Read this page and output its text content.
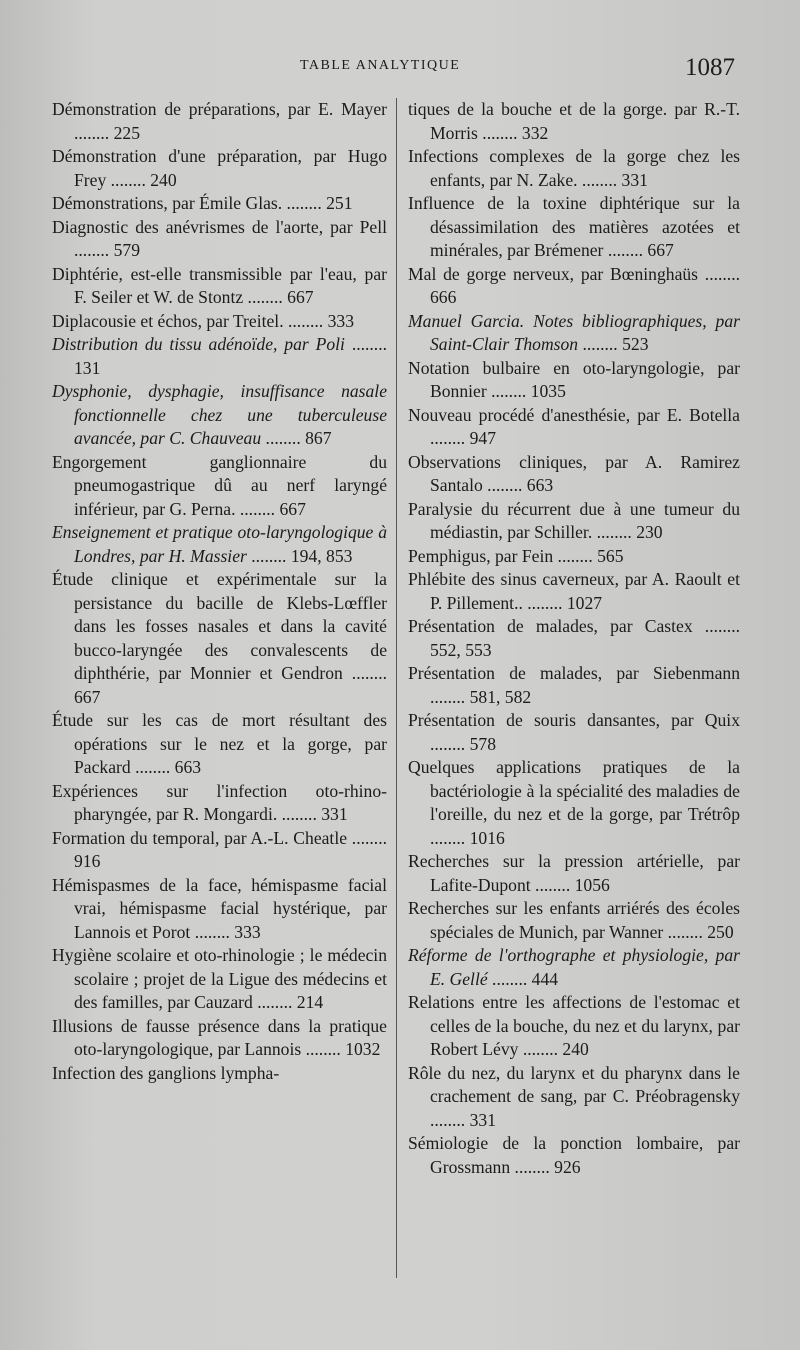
TABLE ANALYTIQUE	1087

Démonstration de préparations, par E. Mayer ........ 225

Démonstration d'une préparation, par Hugo Frey ........ 240

Démonstrations, par Émile Glas. ........ 251

Diagnostic des anévrismes de l'aorte, par Pell ........ 579

Diphtérie, est-elle transmissible par l'eau, par F. Seiler et W. de Stontz ........ 667

Diplacousie et échos, par Treitel. ........ 333

Distribution du tissu adénoïde, par Poli ........ 131

Dysphonie, dysphagie, insuffisance nasale fonctionnelle chez une tuberculeuse avancée, par C. Chauveau ........ 867

Engorgement ganglionnaire du pneumogastrique dû au nerf laryngé inférieur, par G. Perna. ........ 667

Enseignement et pratique oto-laryngologique à Londres, par H. Massier ........ 194, 853

Étude clinique et expérimentale sur la persistance du bacille de Klebs-Lœffler dans les fosses nasales et dans la cavité bucco-laryngée des convalescents de diphthérie, par Monnier et Gendron ........ 667

Étude sur les cas de mort résultant des opérations sur le nez et la gorge, par Packard ........ 663

Expériences sur l'infection oto-rhino-pharyngée, par R. Mongardi. ........ 331

Formation du temporal, par A.-L. Cheatle ........ 916

Hémispasmes de la face, hémispasme facial vrai, hémispasme facial hystérique, par Lannois et Porot ........ 333

Hygiène scolaire et oto-rhinologie ; le médecin scolaire ; projet de la Ligue des médecins et des familles, par Cauzard ........ 214

Illusions de fausse présence dans la pratique oto-laryngologique, par Lannois ........ 1032

Infection des ganglions lympha-

tiques de la bouche et de la gorge. par R.-T. Morris ........ 332

Infections complexes de la gorge chez les enfants, par N. Zake. ........ 331

Influence de la toxine diphtérique sur la désassimilation des matières azotées et minérales, par Brémener ........ 667

Mal de gorge nerveux, par Bœninghaüs ........ 666

Manuel Garcia. Notes bibliographiques, par Saint-Clair Thomson ........ 523

Notation bulbaire en oto-laryngologie, par Bonnier ........ 1035

Nouveau procédé d'anesthésie, par E. Botella ........ 947

Observations cliniques, par A. Ramirez Santalo ........ 663

Paralysie du récurrent due à une tumeur du médiastin, par Schiller. ........ 230

Pemphigus, par Fein ........ 565

Phlébite des sinus caverneux, par A. Raoult et P. Pillement.. ........ 1027

Présentation de malades, par Castex ........ 552, 553

Présentation de malades, par Siebenmann ........ 581, 582

Présentation de souris dansantes, par Quix ........ 578

Quelques applications pratiques de la bactériologie à la spécialité des maladies de l'oreille, du nez et de la gorge, par Trétrôp ........ 1016

Recherches sur la pression artérielle, par Lafite-Dupont ........ 1056

Recherches sur les enfants arriérés des écoles spéciales de Munich, par Wanner ........ 250

Réforme de l'orthographe et physiologie, par E. Gellé ........ 444

Relations entre les affections de l'estomac et celles de la bouche, du nez et du larynx, par Robert Lévy ........ 240

Rôle du nez, du larynx et du pharynx dans le crachement de sang, par C. Préobragensky ........ 331

Sémiologie de la ponction lombaire, par Grossmann ........ 926
